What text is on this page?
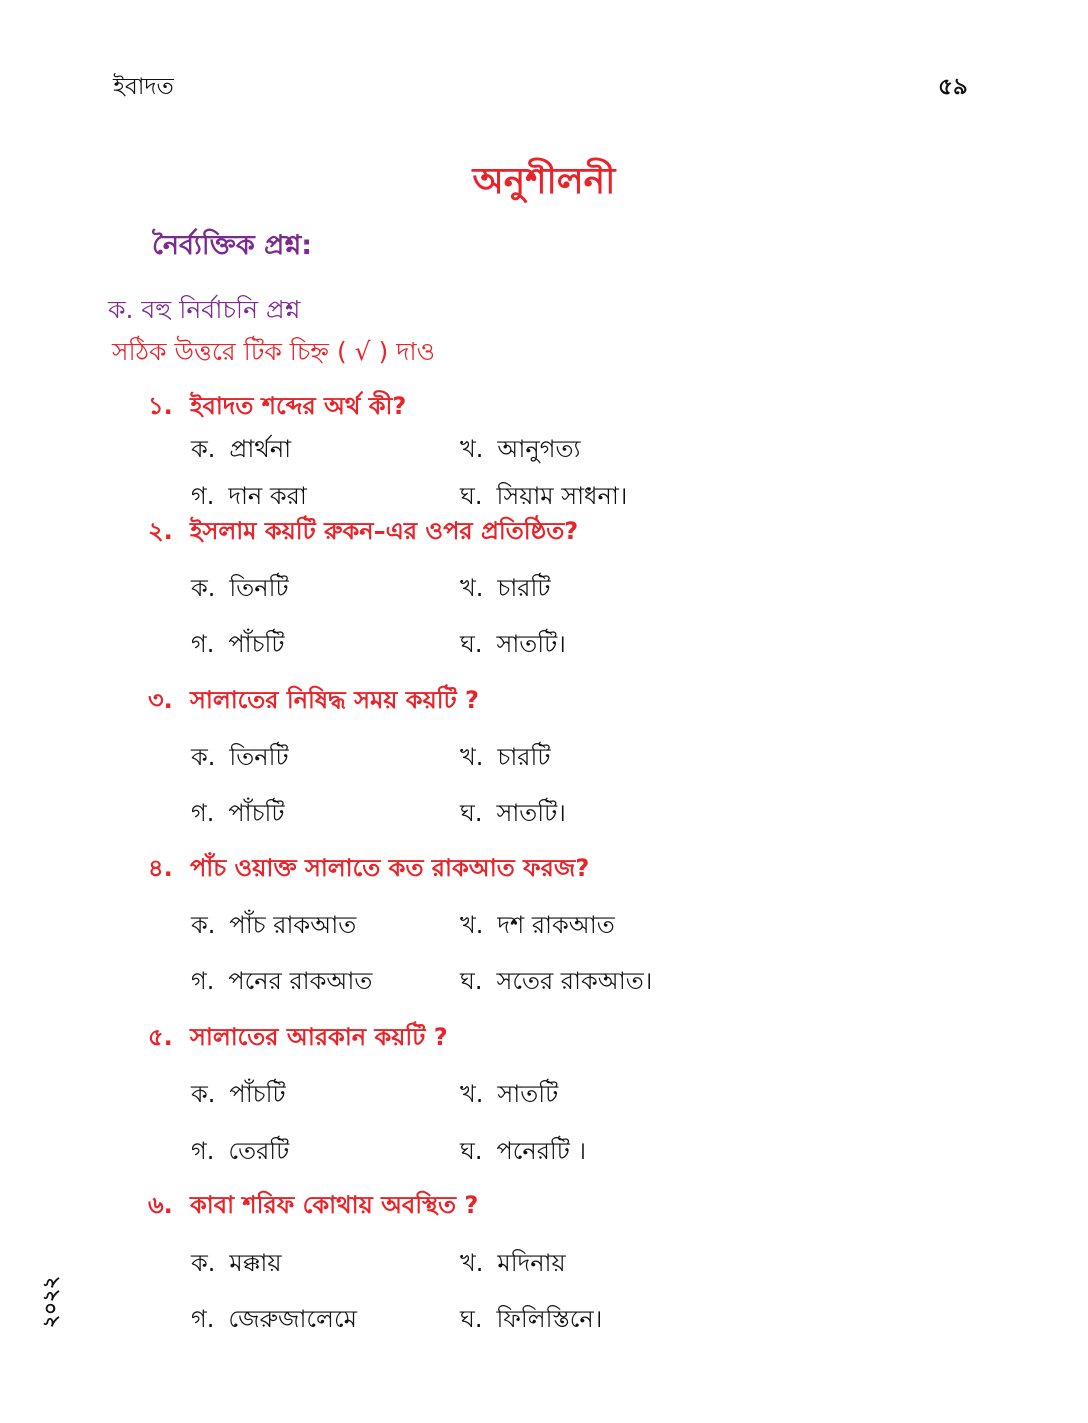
ইবাদত	৫৯
অনুশীলনী
নৈর্ব্যক্তিক প্রশ্ন:
ক. বহু নির্বাচনি প্রশ্ন
সঠিক উত্তরে টিক চিহ্ন ( √ ) দাও
১. ইবাদত শব্দের অর্থ কী?
ক. প্রার্থনা	খ. আনুগত্য
গ. দান করা	ঘ. সিয়াম সাধনা।
২. ইসলাম কয়টি রুকন–এর ওপর প্রতিষ্ঠিত?
ক. তিনটি	খ. চারটি
গ. পাঁচটি	ঘ. সাতটি।
৩. সালাতের নিষিদ্ধ সময় কয়টি ?
ক. তিনটি	খ. চারটি
গ. পাঁচটি	ঘ. সাতটি।
৪. পাঁচ ওয়াক্ত সালাতে কত রাকআত ফরজ?
ক. পাঁচ রাকআত	খ. দশ রাকআত
গ. পনের রাকআত	ঘ. সতের রাকআত।
৫. সালাতের আরকান কয়টি ?
ক. পাঁচটি	খ. সাতটি
গ. তেরটি	ঘ. পনেরটি ।
৬. কাবা শরিফ কোথায় অবস্থিত ?
ক. মক্কায়	খ. মদিনায়
গ. জেরুজালেমে	ঘ. ফিলিস্তিনে।
২০২২
